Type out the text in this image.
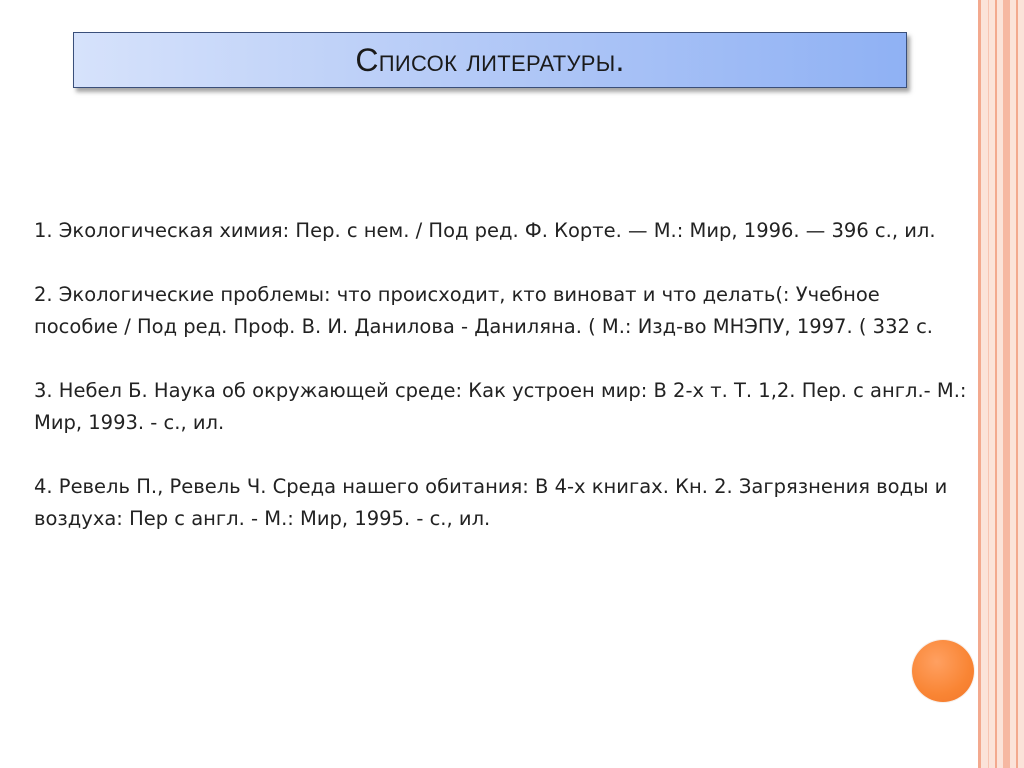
Список литературы.

1. Экологическая химия: Пер. с нем. / Под ред. Ф. Корте. — М.: Мир, 1996. — 396 с., ил.

2. Экологические проблемы: что происходит, кто виноват и что делать(: Учебное пособие / Под ред. Проф. В. И. Данилова - Даниляна. ( М.: Изд-во МНЭПУ, 1997. ( 332 с.

3. Небел Б. Наука об окружающей среде: Как устроен мир: В 2-х т. Т. 1,2. Пер. с англ.- М.: Мир, 1993. - с., ил.

4. Ревель П., Ревель Ч. Среда нашего обитания: В 4-х книгах. Кн. 2. Загрязнения воды и воздуха: Пер с англ. - М.: Мир, 1995. - с., ил.
